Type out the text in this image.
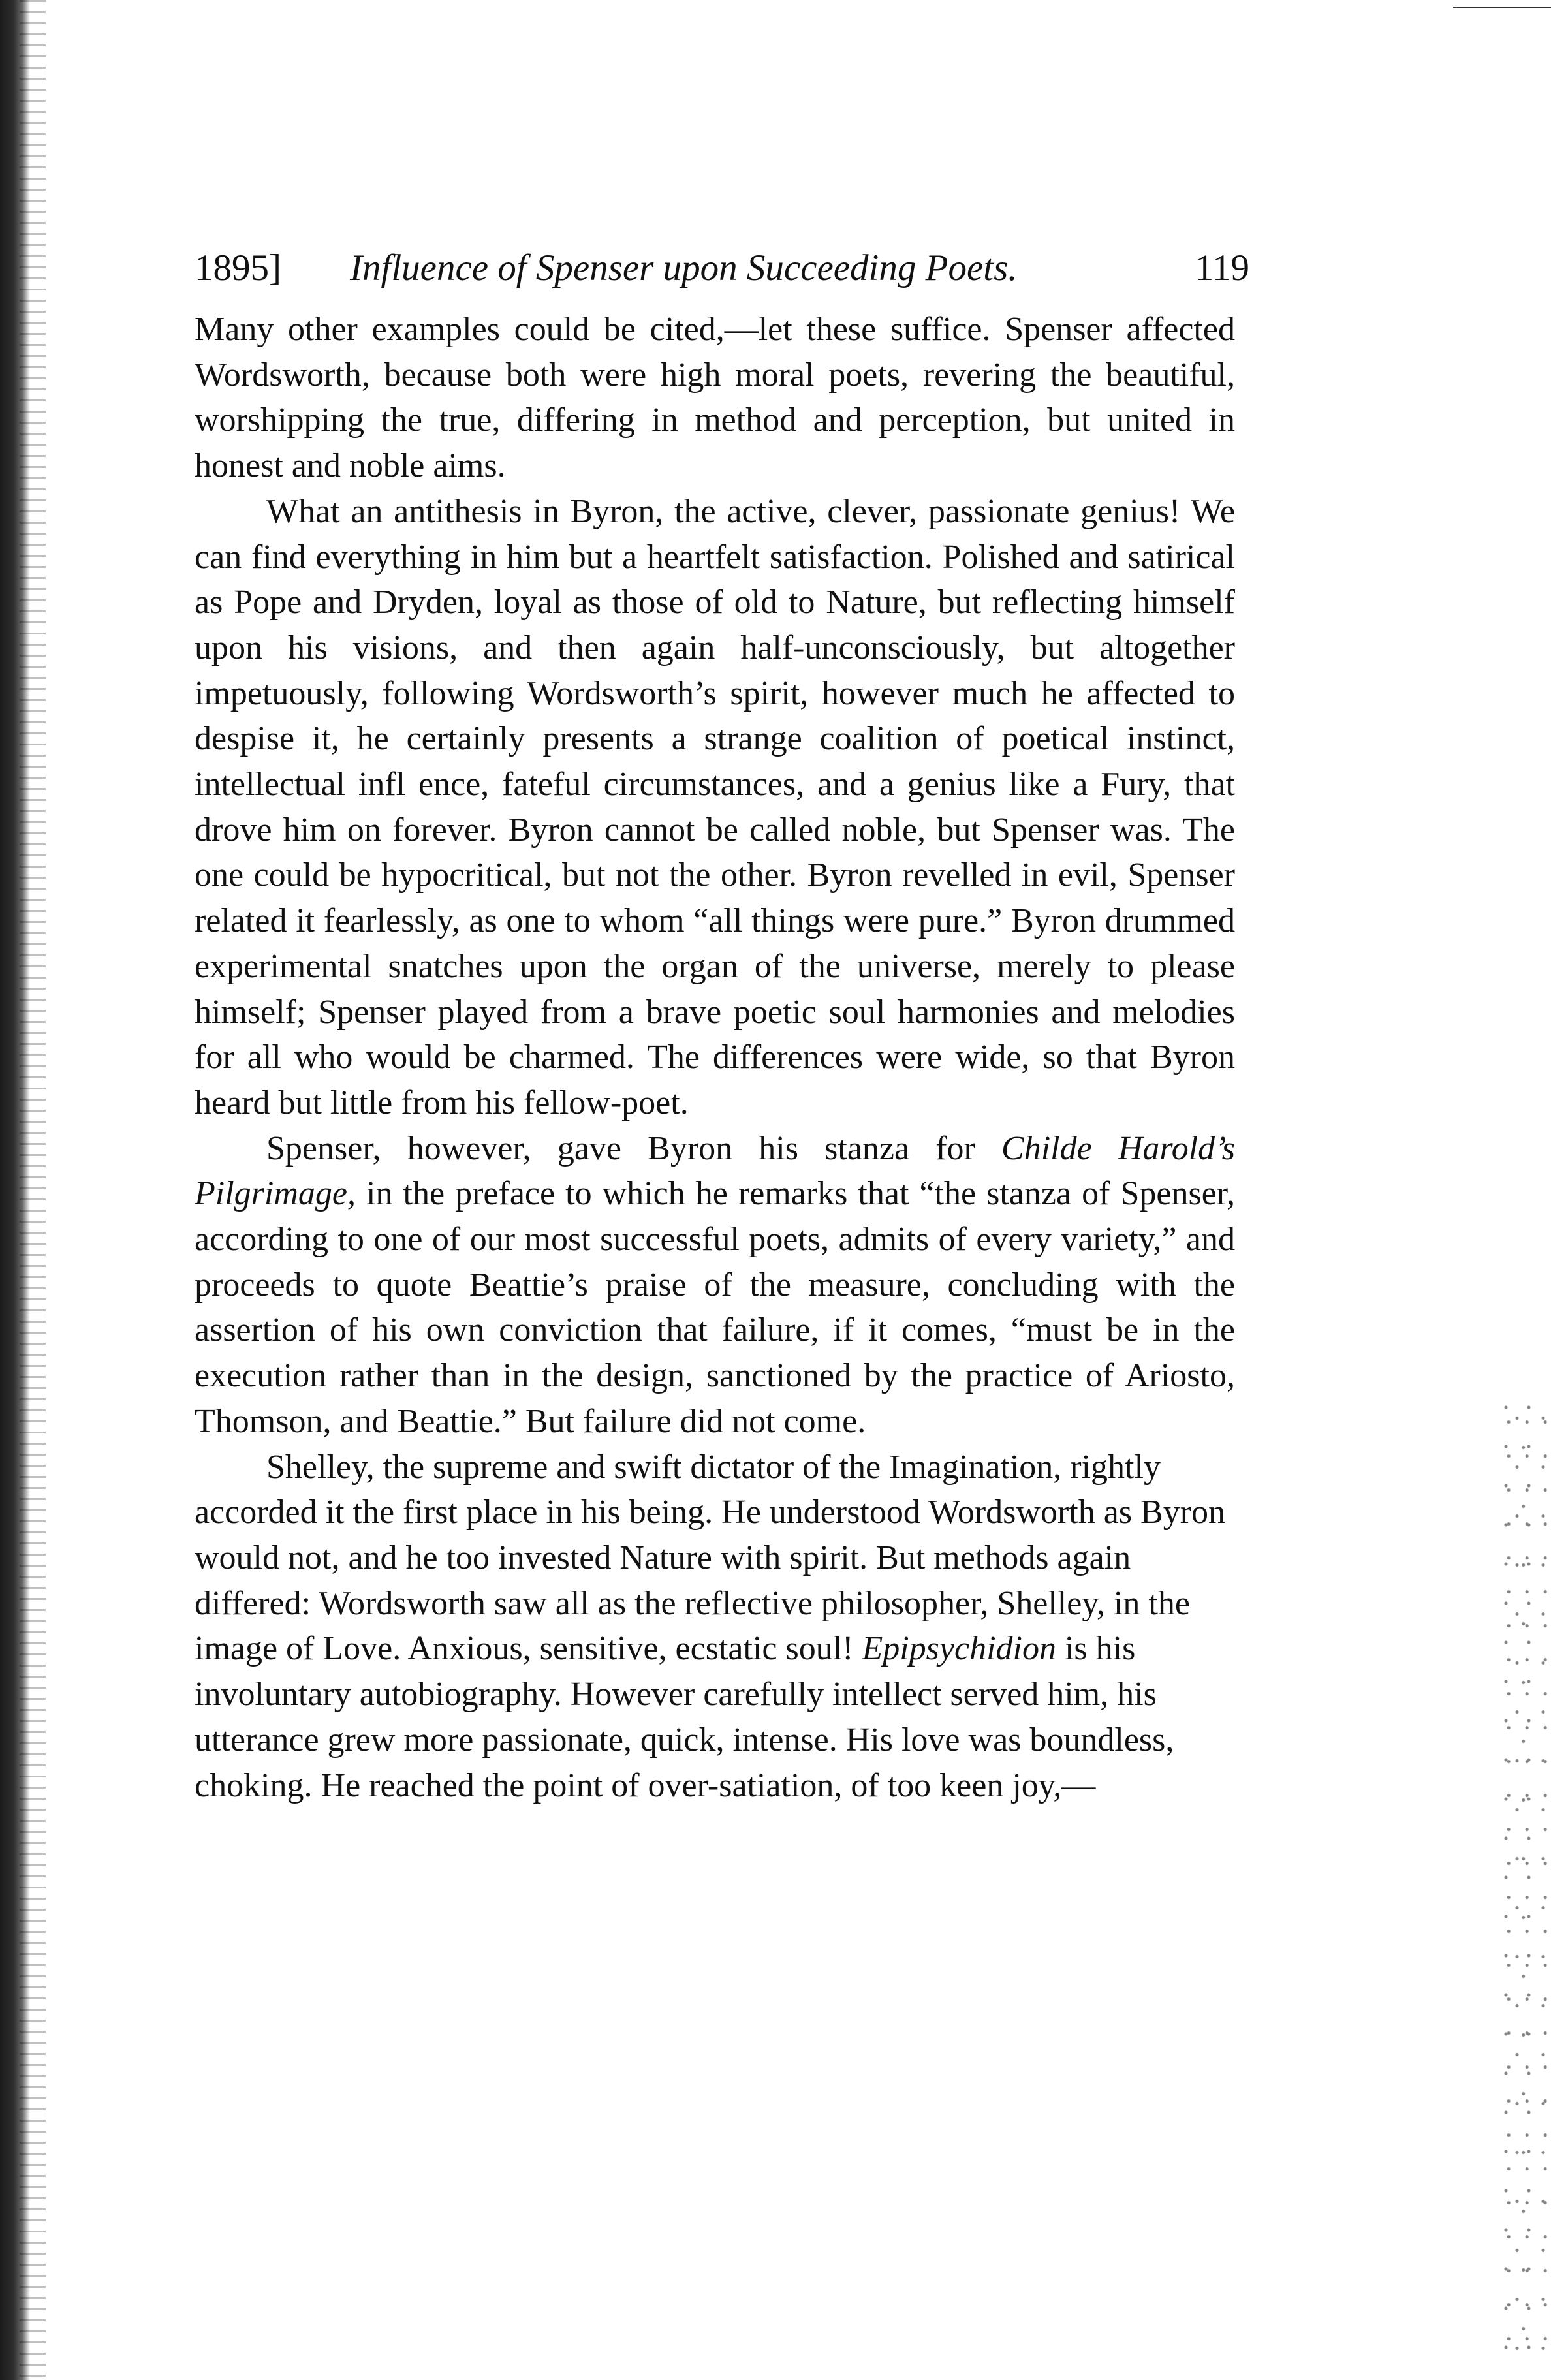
1895] Influence of Spenser upon Succeeding Poets.	119

Many other examples could be cited,—let these suffice. Spenser affected Wordsworth, because both were high moral poets, revering the beautiful, worshipping the true, differing in method and perception, but united in honest and noble aims.

What an antithesis in Byron, the active, clever, passionate genius! We can find everything in him but a heartfelt satisfaction. Polished and satirical as Pope and Dryden, loyal as those of old to Nature, but reflecting himself upon his visions, and then again half-unconsciously, but altogether impetuously, following Wordsworth’s spirit, however much he affected to despise it, he certainly presents a strange coalition of poetical instinct, intellectual infl ence, fateful circumstances, and a genius like a Fury, that drove him on forever. Byron cannot be called noble, but Spenser was. The one could be hypocritical, but not the other. Byron revelled in evil, Spenser related it fearlessly, as one to whom “all things were pure.” Byron drummed experimental snatches upon the organ of the universe, merely to please himself; Spenser played from a brave poetic soul harmonies and melodies for all who would be charmed. The differences were wide, so that Byron heard but little from his fellow-poet.

Spenser, however, gave Byron his stanza for Childe Harold’s Pilgrimage, in the preface to which he remarks that “the stanza of Spenser, according to one of our most successful poets, admits of every variety,” and proceeds to quote Beattie’s praise of the measure, concluding with the assertion of his own conviction that failure, if it comes, “must be in the execution rather than in the design, sanctioned by the practice of Ariosto, Thomson, and Beattie.” But failure did not come.

Shelley, the supreme and swift dictator of the Imagination, rightly accorded it the first place in his being. He understood Wordsworth as Byron would not, and he too invested Nature with spirit. But methods again differed: Wordsworth saw all as the reflective philosopher, Shelley, in the image of Love. Anxious, sensitive, ecstatic soul! Epipsychidion is his involuntary autobiography. However carefully intellect served him, his utterance grew more passionate, quick, intense. His love was boundless, choking. He reached the point of over-satiation, of too keen joy,—
